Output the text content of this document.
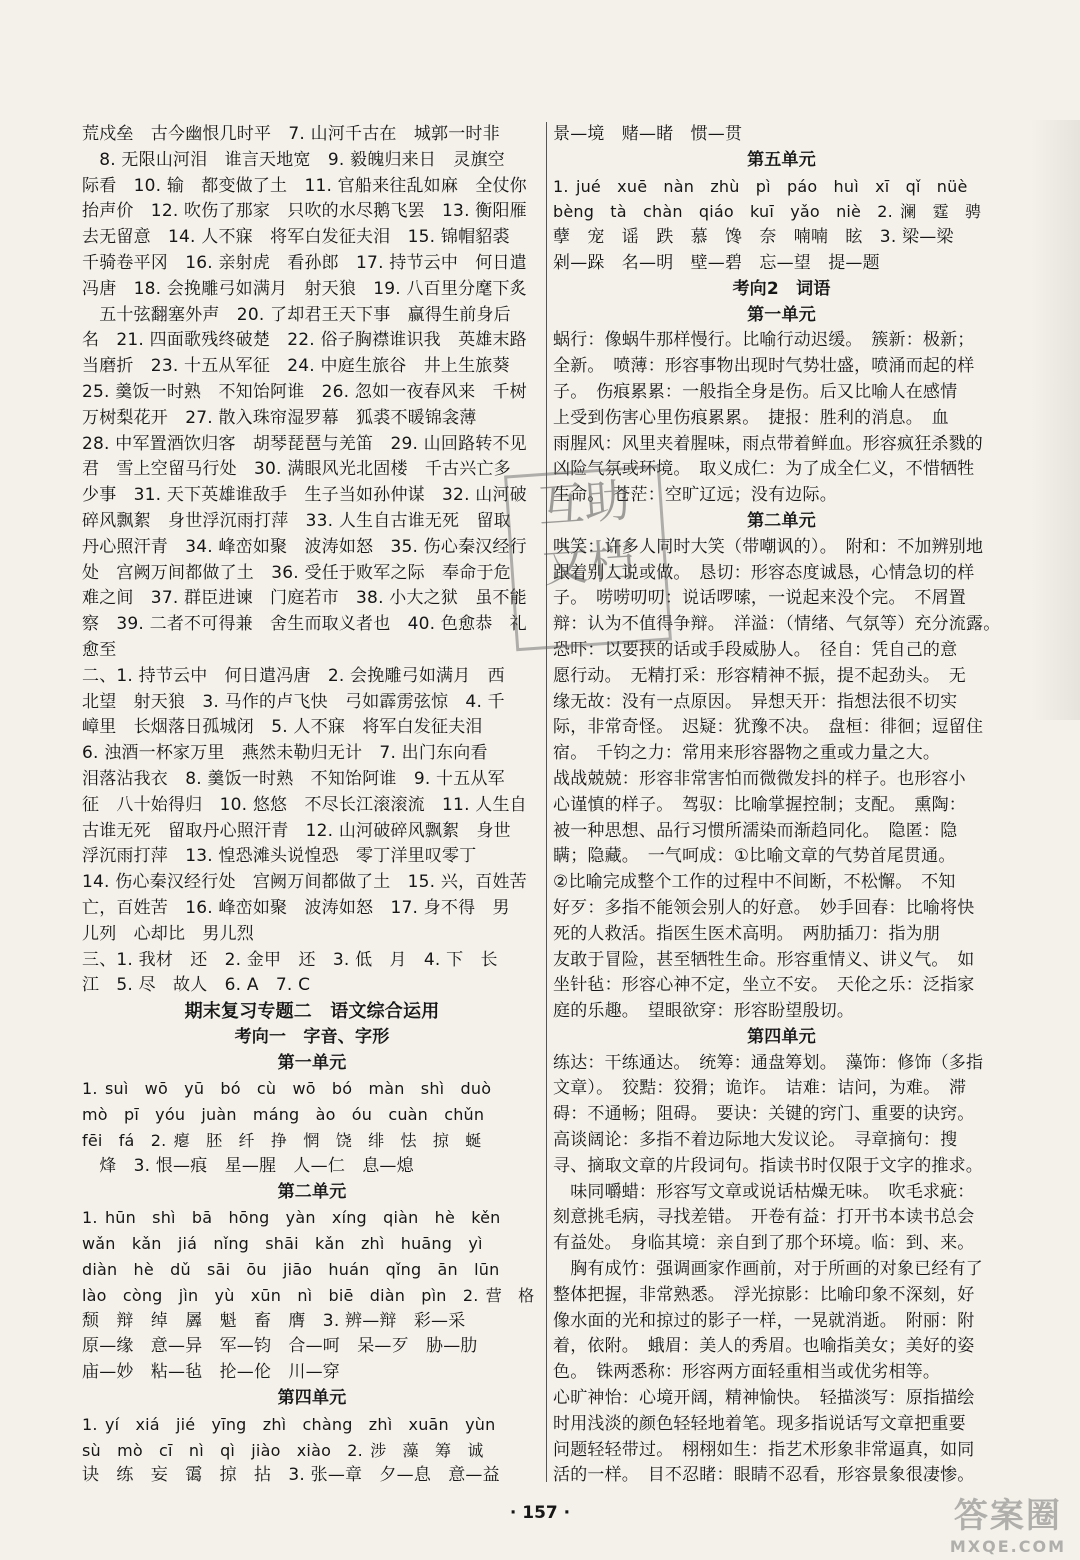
荒戍垒　古今幽恨几时平　7. 山河千古在　城郭一时非
　8. 无限山河泪　谁言天地宽　9. 毅魄归来日　灵旗空
际看　10. 输　都变做了土　11. 官船来往乱如麻　全仗你
抬声价　12. 吹伤了那家　只吹的水尽鹅飞罢　13. 衡阳雁
去无留意　14. 人不寐　将军白发征夫泪　15. 锦帽貂裘
千骑卷平冈　16. 亲射虎　看孙郎　17. 持节云中　何日遣
冯唐　18. 会挽雕弓如满月　射天狼　19. 八百里分麾下炙
　五十弦翻塞外声　20. 了却君王天下事　赢得生前身后
名　21. 四面歌残终破楚　22. 俗子胸襟谁识我　英雄末路
当磨折　23. 十五从军征　24. 中庭生旅谷　井上生旅葵
25. 羹饭一时熟　不知饴阿谁　26. 忽如一夜春风来　千树
万树梨花开　27. 散入珠帘湿罗幕　狐裘不暖锦衾薄
28. 中军置酒饮归客　胡琴琵琶与羌笛　29. 山回路转不见
君　雪上空留马行处　30. 满眼风光北固楼　千古兴亡多
少事　31. 天下英雄谁敌手　生子当如孙仲谋　32. 山河破
碎风飘絮　身世浮沉雨打萍　33. 人生自古谁无死　留取
丹心照汗青　34. 峰峦如聚　波涛如怒　35. 伤心秦汉经行
处　宫阙万间都做了土　36. 受任于败军之际　奉命于危
难之间　37. 群臣进谏　门庭若市　38. 小大之狱　虽不能
察　39. 二者不可得兼　舍生而取义者也　40. 色愈恭　礼
愈至
二、1. 持节云中　何日遣冯唐　2. 会挽雕弓如满月　西
北望　射天狼　3. 马作的卢飞快　弓如霹雳弦惊　4. 千
嶂里　长烟落日孤城闭　5. 人不寐　将军白发征夫泪
6. 浊酒一杯家万里　燕然未勒归无计　7. 出门东向看
泪落沾我衣　8. 羹饭一时熟　不知饴阿谁　9. 十五从军
征　八十始得归　10. 悠悠　不尽长江滚滚流　11. 人生自
古谁无死　留取丹心照汗青　12. 山河破碎风飘絮　身世
浮沉雨打萍　13. 惶恐滩头说惶恐　零丁洋里叹零丁
14. 伤心秦汉经行处　宫阙万间都做了土　15. 兴，百姓苦
亡，百姓苦　16. 峰峦如聚　波涛如怒　17. 身不得　男
儿列　心却比　男儿烈
三、1. 我材　还　2. 金甲　还　3. 低　月　4. 下　长
江　5. 尽　故人　6. A　7. C
期末复习专题二　语文综合运用
考向一　字音、字形
第一单元
1. suì　wō　yū　bó　cù　wō　bó　màn　shì　duò
mò　pī　yóu　juàn　máng　ào　óu　cuàn　chǔn
fēi　fá　2. 瘪　胚　纤　挣　惘　饶　绯　怯　掠　蜒
　烽　3. 恨—痕　星—腥　人—仁　息—熄
第二单元
1. hūn　shì　bā　hōng　yàn　xíng　qiàn　hè　kěn
wǎn　kǎn　jiá　nǐng　shāi　kǎn　zhì　huāng　yì
diàn　hè　dǔ　sāi　ōu　jiāo　huán　qǐng　ān　lūn
lào　còng　jìn　yù　xūn　nì　biē　diàn　pìn　2. 营　格
颓　辩　绰　羼　魁　畜　膺　3. 辨—辩　彩—采
原—缘　意—异　军—钧　合—呵　呆—歹　胁—肋
庙—妙　粘—毡　抡—伦　川—穿
第四单元
1. yí　xiá　jié　yīng　zhì　chàng　zhì　xuān　yùn
sù　mò　cī　nì　qì　jiào　xiào　2. 涉　藻　筹　诚
诀　练　妄　霭　掠　拈　3. 张—章　夕—息　意—益
景—境　赌—睹　惯—贯
第五单元
1. jué　xuē　nàn　zhù　pì　páo　huì　xī　qǐ　nüè
bèng　tà　chàn　qiáo　kuī　yǎo　niè　2. 澜　霆　骋
孽　宠　谣　跌　慕　馋　奈　喃喃　眩　3. 梁—梁
剁—跺　名—明　壁—碧　忘—望　提—题
考向2　词语
第一单元
蜗行：像蜗牛那样慢行。比喻行动迟缓。　簇新：极新；
全新。　喷薄：形容事物出现时气势壮盛，喷涌而起的样
子。　伤痕累累：一般指全身是伤。后又比喻人在感情
上受到伤害心里伤痕累累。　捷报：胜利的消息。　血
雨腥风：风里夹着腥味，雨点带着鲜血。形容疯狂杀戮的
凶险气氛或环境。　取义成仁：为了成全仁义，不惜牺牲
生命。　苍茫：空旷辽远；没有边际。
第二单元
哄笑：许多人同时大笑（带嘲讽的）。　附和：不加辨别地
跟着别人说或做。　恳切：形容态度诚恳，心情急切的样
子。　唠唠叨叨：说话啰嗦，一说起来没个完。　不屑置
辩：认为不值得争辩。　洋溢：（情绪、气氛等）充分流露。
恐吓：以要挟的话或手段威胁人。　径自：凭自己的意
愿行动。　无精打采：形容精神不振，提不起劲头。　无
缘无故：没有一点原因。　异想天开：指想法很不切实
际，非常奇怪。　迟疑：犹豫不决。　盘桓：徘徊；逗留住
宿。　千钧之力：常用来形容器物之重或力量之大。
战战兢兢：形容非常害怕而微微发抖的样子。也形容小
心谨慎的样子。　驾驭：比喻掌握控制；支配。　熏陶：
被一种思想、品行习惯所濡染而渐趋同化。　隐匿：隐
瞒；隐藏。　一气呵成：①比喻文章的气势首尾贯通。
②比喻完成整个工作的过程中不间断，不松懈。　不知
好歹：多指不能领会别人的好意。　妙手回春：比喻将快
死的人救活。指医生医术高明。　两肋插刀：指为朋
友敢于冒险，甚至牺牲生命。形容重情义、讲义气。　如
坐针毡：形容心神不定，坐立不安。　天伦之乐：泛指家
庭的乐趣。　望眼欲穿：形容盼望殷切。
第四单元
练达：干练通达。　统筹：通盘筹划。　藻饰：修饰（多指
文章）。　狡黠：狡猾；诡诈。　诘难：诘问，为难。　滞
碍：不通畅；阻碍。　要诀：关键的窍门、重要的诀窍。
高谈阔论：多指不着边际地大发议论。　寻章摘句：搜
寻、摘取文章的片段词句。指读书时仅限于文字的推求。
　味同嚼蜡：形容写文章或说话枯燥无味。　吹毛求疵：
刻意挑毛病，寻找差错。　开卷有益：打开书本读书总会
有益处。　身临其境：亲自到了那个环境。临：到、来。
　胸有成竹：强调画家作画前，对于所画的对象已经有了
整体把握，非常熟悉。　浮光掠影：比喻印象不深刻，好
像水面的光和掠过的影子一样，一晃就消逝。　附丽：附
着，依附。　蛾眉：美人的秀眉。也喻指美女；美好的姿
色。　铢两悉称：形容两方面轻重相当或优劣相等。
心旷神怡：心境开阔，精神愉快。　轻描淡写：原指描绘
时用浅淡的颜色轻轻地着笔。现多指说话写文章把重要
问题轻轻带过。　栩栩如生：指艺术形象非常逼真，如同
活的一样。　目不忍睹：眼睛不忍看，形容景象很凄惨。
· 157 ·
互助
文档
答案圈
MXQE.COM
